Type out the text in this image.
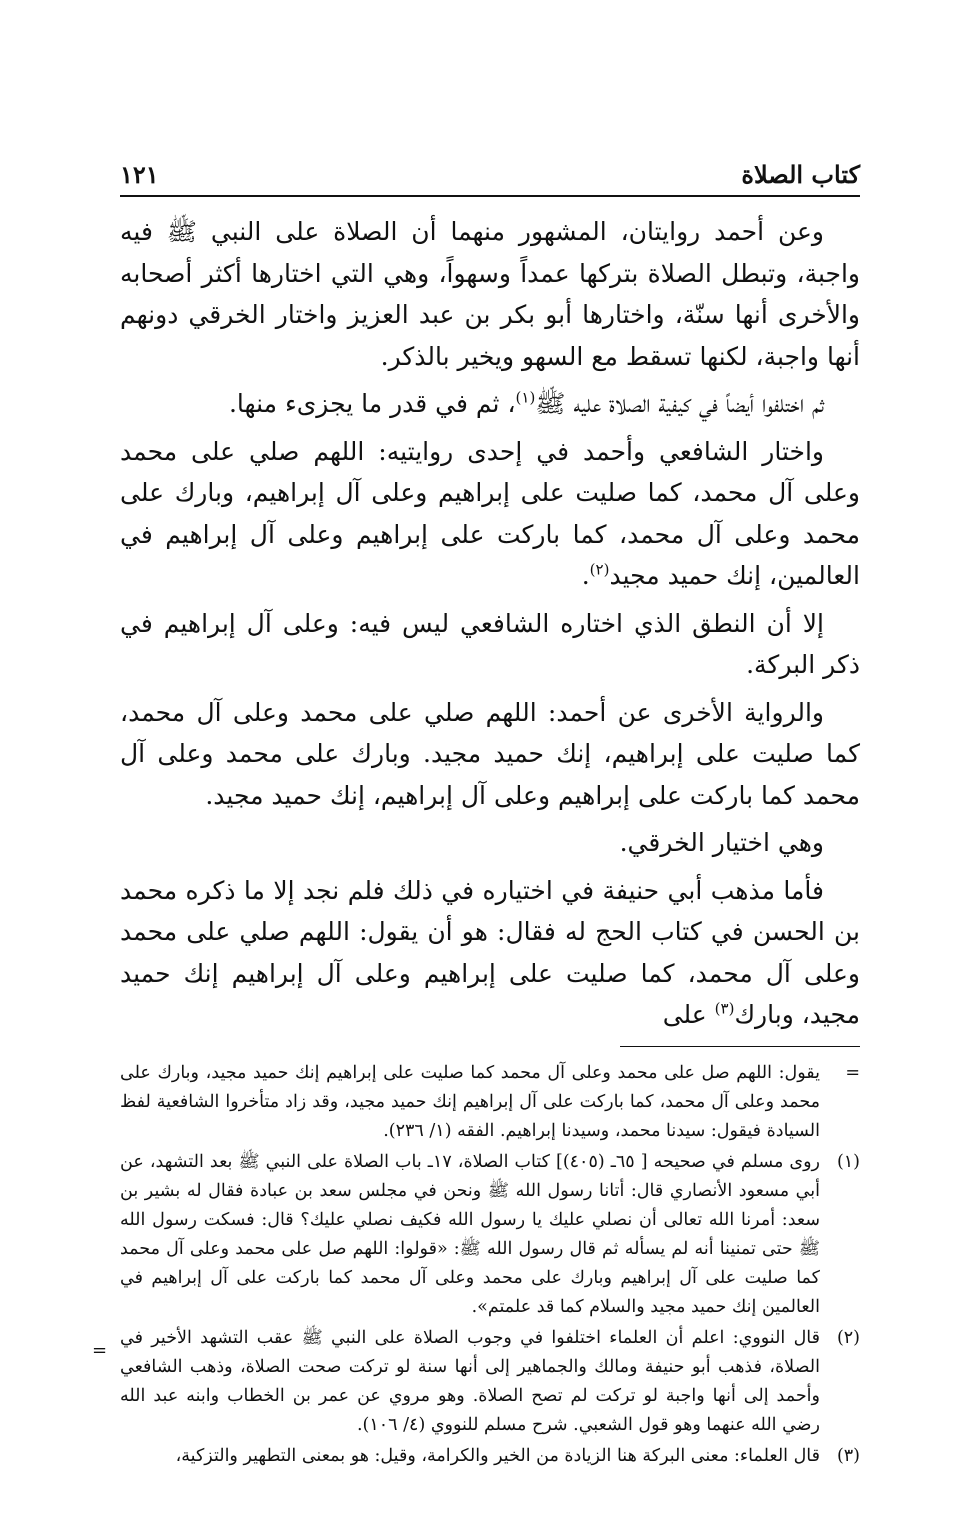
كتاب الصلاة
١٢١

وعن أحمد روايتان، المشهور منهما أن الصلاة على النبي ﷺ فيه واجبة، وتبطل الصلاة بتركها عمداً وسهواً، وهي التي اختارها أكثر أصحابه والأخرى أنها سنّة، واختارها أبو بكر بن عبد العزيز واختار الخرقي دونهم أنها واجبة، لكنها تسقط مع السهو ويخير بالذكر.

ثم اختلفوا أيضاً في كيفية الصلاة عليه ﷺ$^{(١)}$، ثم في قدر ما يجزىء منها.

واختار الشافعي وأحمد في إحدى روايتيه: اللهم صلي على محمد وعلى آل محمد، كما صليت على إبراهيم وعلى آل إبراهيم، وبارك على محمد وعلى آل محمد، كما باركت على إبراهيم وعلى آل إبراهيم في العالمين، إنك حميد مجيد$^{(٢)}$.

إلا أن النطق الذي اختاره الشافعي ليس فيه: وعلى آل إبراهيم في ذكر البركة.

والرواية الأخرى عن أحمد: اللهم صلي على محمد وعلى آل محمد، كما صليت على إبراهيم، إنك حميد مجيد. وبارك على محمد وعلى آل محمد كما باركت على إبراهيم وعلى آل إبراهيم، إنك حميد مجيد.

وهي اختيار الخرقي.

فأما مذهب أبي حنيفة في اختياره في ذلك فلم نجد إلا ما ذكره محمد بن الحسن في كتاب الحج له فقال: هو أن يقول: اللهم صلي على محمد وعلى آل محمد، كما صليت على إبراهيم وعلى آل إبراهيم إنك حميد مجيد، وبارك$^{(٣)}$ على

=
يقول: اللهم صل على محمد وعلى آل محمد كما صليت على إبراهيم إنك حميد مجيد، وبارك على محمد وعلى آل محمد، كما باركت على آل إبراهيم إنك حميد مجيد، وقد زاد متأخروا الشافعية لفظ السيادة فيقول: سيدنا محمد، وسيدنا إبراهيم. الفقه (١/ ٢٣٦).
(١)
روى مسلم في صحيحه [ ٦٥ـ (٤٠٥)] كتاب الصلاة، ١٧ـ باب الصلاة على النبي ﷺ بعد التشهد، عن أبي مسعود الأنصاري قال: أتانا رسول الله ﷺ ونحن في مجلس سعد بن عبادة فقال له بشير بن سعد: أمرنا الله تعالى أن نصلي عليك يا رسول الله فكيف نصلي عليك؟ قال: فسكت رسول الله ﷺ حتى تمنينا أنه لم يسأله ثم قال رسول الله ﷺ: «قولوا: اللهم صل على محمد وعلى آل محمد كما صليت على آل إبراهيم وبارك على محمد وعلى آل محمد كما باركت على آل إبراهيم في العالمين إنك حميد مجيد والسلام كما قد علمتم».
(٢)
قال النووي: اعلم أن العلماء اختلفوا في وجوب الصلاة على النبي ﷺ عقب التشهد الأخير في الصلاة، فذهب أبو حنيفة ومالك والجماهير إلى أنها سنة لو تركت صحت الصلاة، وذهب الشافعي وأحمد إلى أنها واجبة لو تركت لم تصح الصلاة. وهو مروي عن عمر بن الخطاب وابنه عبد الله رضي الله عنهما وهو قول الشعبي. شرح مسلم للنووي (٤/ ١٠٦).
(٣)
قال العلماء: معنى البركة هنا الزيادة من الخير والكرامة، وقيل: هو بمعنى التطهير والتزكية،
=
